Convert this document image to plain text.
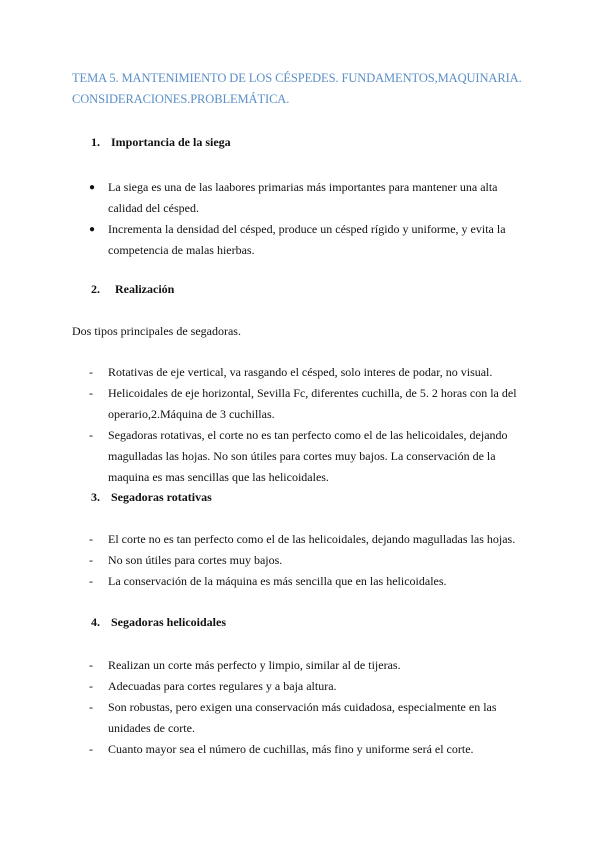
TEMA 5. MANTENIMIENTO DE LOS CÉSPEDES. FUNDAMENTOS,MAQUINARIA.
CONSIDERACIONES.PROBLEMÁTICA.
1. Importancia de la siega
● La siega es una de las laabores primarias más importantes para mantener una alta calidad del césped.
● Incrementa la densidad del césped, produce un césped rígido y uniforme, y evita la competencia de malas hierbas.
2. Realización
Dos tipos principales de segadoras.
- Rotativas de eje vertical, va rasgando el césped, solo interes de podar, no visual.
- Helicoidales de eje horizontal, Sevilla Fc, diferentes cuchilla, de 5. 2 horas con la del operario,2.Máquina de 3 cuchillas.
- Segadoras rotativas, el corte no es tan perfecto como el de las helicoidales, dejando magulladas las hojas. No son útiles para cortes muy bajos. La conservación de la maquina es mas sencillas que las helicoidales.
3. Segadoras rotativas
- El corte no es tan perfecto como el de las helicoidales, dejando magulladas las hojas.
- No son útiles para cortes muy bajos.
- La conservación de la máquina es más sencilla que en las helicoidales.
4. Segadoras helicoidales
- Realizan un corte más perfecto y limpio, similar al de tijeras.
- Adecuadas para cortes regulares y a baja altura.
- Son robustas, pero exigen una conservación más cuidadosa, especialmente en las unidades de corte.
- Cuanto mayor sea el número de cuchillas, más fino y uniforme será el corte.
